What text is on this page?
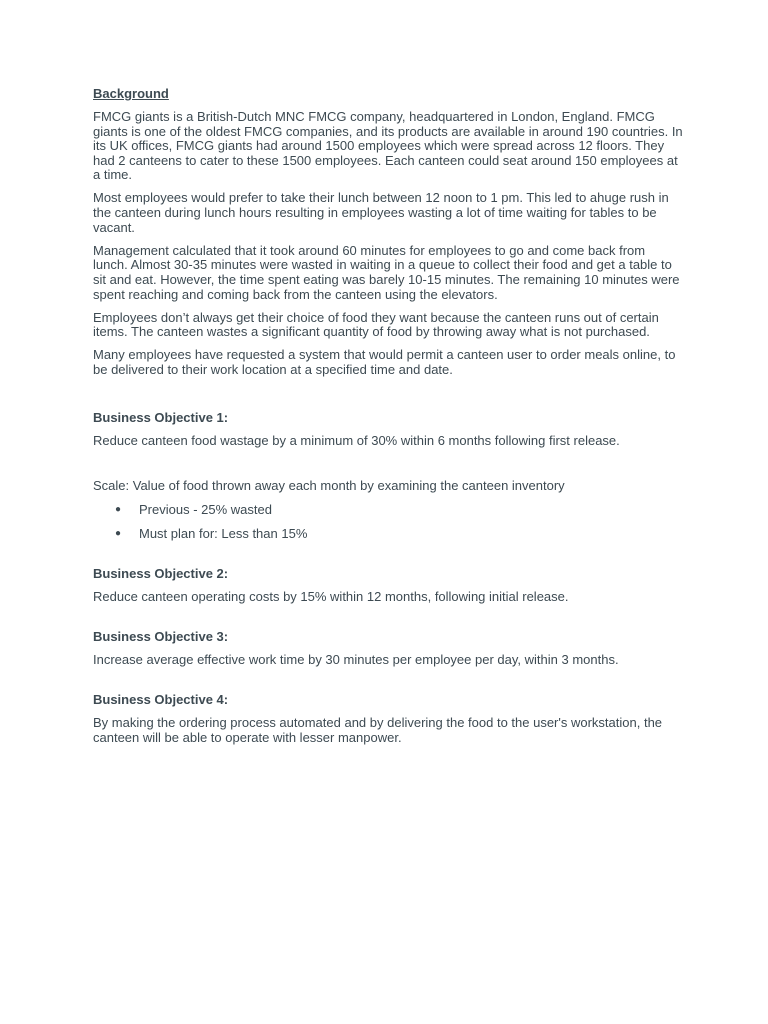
Background

FMCG giants is a British-Dutch MNC FMCG company, headquartered in London, England. FMCG giants is one of the oldest FMCG companies, and its products are available in around 190 countries. In its UK offices, FMCG giants had around 1500 employees which were spread across 12 floors. They had 2 canteens to cater to these 1500 employees. Each canteen could seat around 150 employees at a time.

Most employees would prefer to take their lunch between 12 noon to 1 pm. This led to ahuge rush in the canteen during lunch hours resulting in employees wasting a lot of time waiting for tables to be vacant.

Management calculated that it took around 60 minutes for employees to go and come back from lunch. Almost 30-35 minutes were wasted in waiting in a queue to collect their food and get a table to sit and eat. However, the time spent eating was barely 10-15 minutes. The remaining 10 minutes were spent reaching and coming back from the canteen using the elevators.

Employees don’t always get their choice of food they want because the canteen runs out of certain items. The canteen wastes a significant quantity of food by throwing away what is not purchased.

Many employees have requested a system that would permit a canteen user to order meals online, to be delivered to their work location at a specified time and date.

Business Objective 1:

Reduce canteen food wastage by a minimum of 30% within 6 months following first release.

Scale: Value of food thrown away each month by examining the canteen inventory

● Previous - 25% wasted
● Must plan for: Less than 15%
Business Objective 2:

Reduce canteen operating costs by 15% within 12 months, following initial release.

Business Objective 3:

Increase average effective work time by 30 minutes per employee per day, within 3 months.

Business Objective 4:

By making the ordering process automated and by delivering the food to the user's workstation, the canteen will be able to operate with lesser manpower.
